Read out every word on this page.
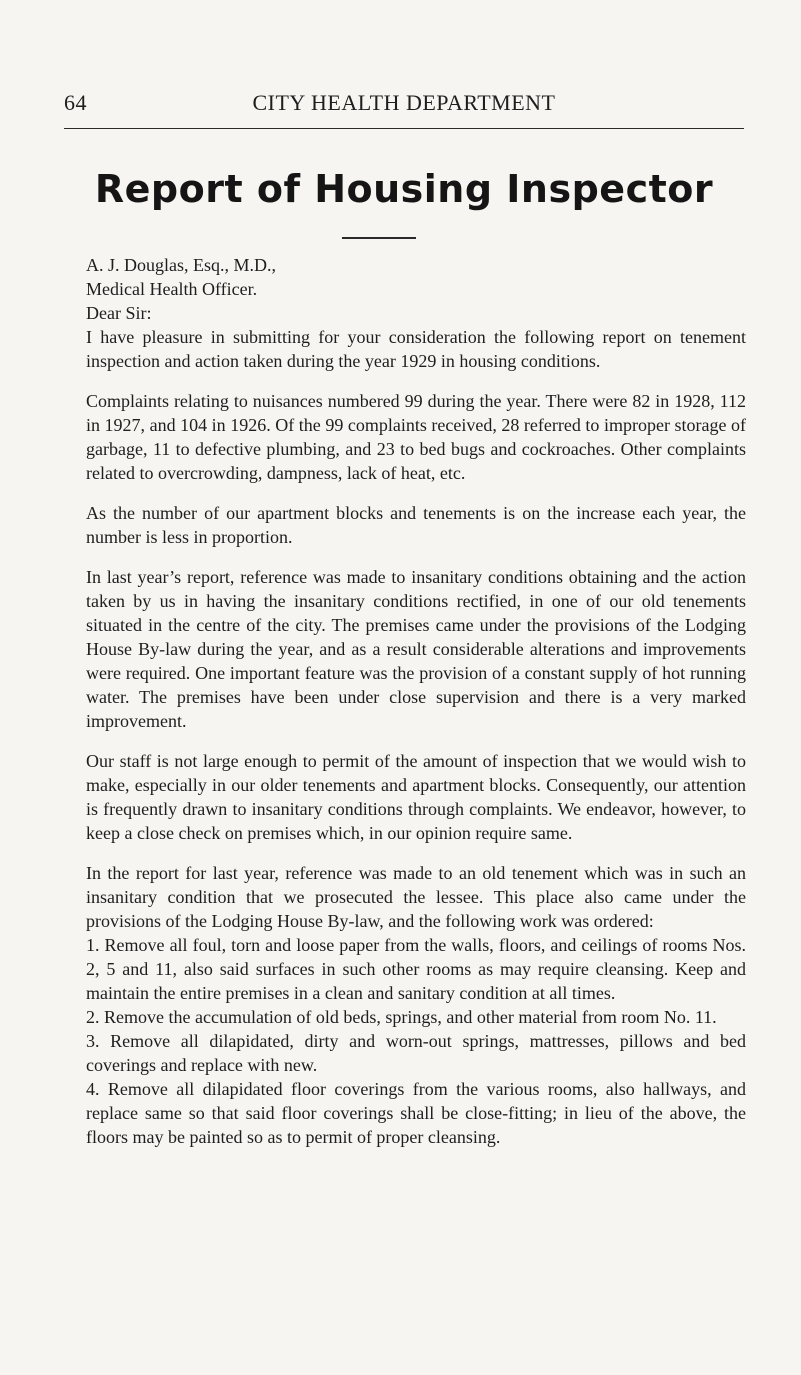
64	CITY HEALTH DEPARTMENT
Report of Housing Inspector

A. J. Douglas, Esq., M.D.,

Medical Health Officer.

Dear Sir:

I have pleasure in submitting for your consideration the following report on tenement inspection and action taken during the year 1929 in housing conditions.

Complaints relating to nuisances numbered 99 during the year. There were 82 in 1928, 112 in 1927, and 104 in 1926. Of the 99 complaints received, 28 referred to improper storage of garbage, 11 to defective plumbing, and 23 to bed bugs and cockroaches. Other complaints related to overcrowding, dampness, lack of heat, etc.

As the number of our apartment blocks and tenements is on the increase each year, the number is less in proportion.

In last year’s report, reference was made to insanitary conditions obtaining and the action taken by us in having the insanitary conditions rectified, in one of our old tenements situated in the centre of the city. The premises came under the provisions of the Lodging House By-law during the year, and as a result considerable alterations and improvements were required. One important feature was the provision of a constant supply of hot running water. The premises have been under close supervision and there is a very marked improvement.

Our staff is not large enough to permit of the amount of inspection that we would wish to make, especially in our older tenements and apartment blocks. Consequently, our attention is frequently drawn to insanitary conditions through complaints. We endeavor, however, to keep a close check on premises which, in our opinion require same.

In the report for last year, reference was made to an old tenement which was in such an insanitary condition that we prosecuted the lessee. This place also came under the provisions of the Lodging House By-law, and the following work was ordered:

1. Remove all foul, torn and loose paper from the walls, floors, and ceilings of rooms Nos. 2, 5 and 11, also said surfaces in such other rooms as may require cleansing. Keep and maintain the entire premises in a clean and sanitary condition at all times.

2. Remove the accumulation of old beds, springs, and other material from room No. 11.

3. Remove all dilapidated, dirty and worn-out springs, mattresses, pillows and bed coverings and replace with new.

4. Remove all dilapidated floor coverings from the various rooms, also hallways, and replace same so that said floor coverings shall be close-fitting; in lieu of the above, the floors may be painted so as to permit of proper cleansing.
